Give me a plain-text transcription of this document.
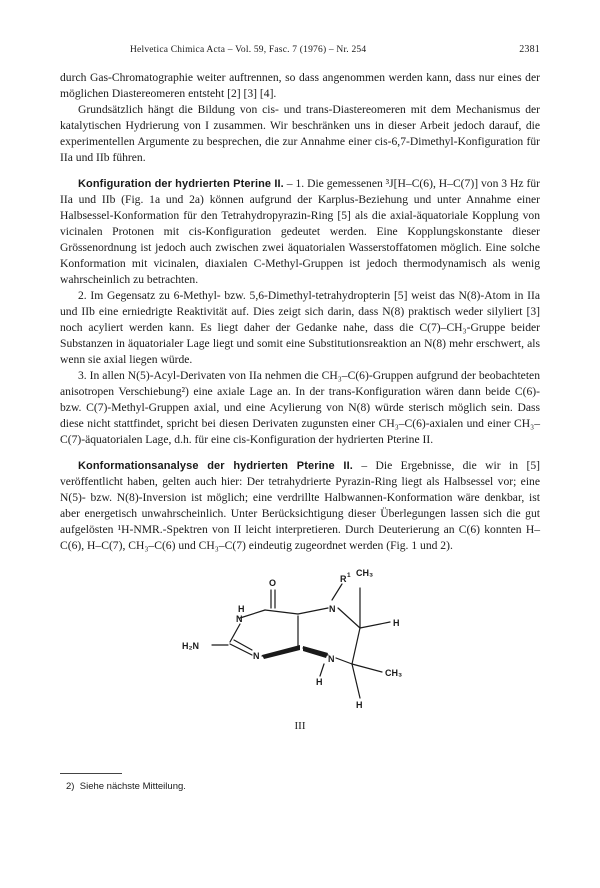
Helvetica Chimica Acta – Vol. 59, Fasc. 7 (1976) – Nr. 254	2381

durch Gas-Chromatographie weiter auftrennen, so dass angenommen werden kann, dass nur eines der möglichen Diastereomeren entsteht [2] [3] [4].

Grundsätzlich hängt die Bildung von cis- und trans-Diastereomeren mit dem Mechanismus der katalytischen Hydrierung von I zusammen. Wir beschränken uns in dieser Arbeit jedoch darauf, die experimentellen Argumente zu besprechen, die zur Annahme einer cis-6,7-Dimethyl-Konfiguration für IIa und IIb führen.

Konfiguration der hydrierten Pterine II. – 1. Die gemessenen ³J[H–C(6), H–C(7)] von 3 Hz für IIa und IIb (Fig. 1a und 2a) können aufgrund der Karplus-Beziehung und unter Annahme einer Halbsessel-Konformation für den Tetrahydropyrazin-Ring [5] als die axial-äquatoriale Kopplung von vicinalen Protonen mit cis-Konfiguration gedeutet werden. Eine Kopplungskonstante dieser Grössenordnung ist jedoch auch zwischen zwei äquatorialen Wasserstoffatomen möglich. Eine solche Konformation mit vicinalen, diaxialen C-Methyl-Gruppen ist jedoch thermodynamisch als wenig wahrscheinlich zu betrachten.

2. Im Gegensatz zu 6-Methyl- bzw. 5,6-Dimethyl-tetrahydropterin [5] weist das N(8)-Atom in IIa und IIb eine erniedrigte Reaktivität auf. Dies zeigt sich darin, dass N(8) praktisch weder silyliert [3] noch acyliert werden kann. Es liegt daher der Gedanke nahe, dass die C(7)–CH₃-Gruppe beider Substanzen in äquatorialer Lage liegt und somit eine Substitutionsreaktion an N(8) mehr erschwert, als wenn sie axial liegen würde.

3. In allen N(5)-Acyl-Derivaten von IIa nehmen die CH₃–C(6)-Gruppen aufgrund der beobachteten anisotropen Verschiebung²) eine axiale Lage an. In der trans-Konfiguration wären dann beide C(6)- bzw. C(7)-Methyl-Gruppen axial, und eine Acylierung von N(8) würde sterisch möglich sein. Dass diese nicht stattfindet, spricht bei diesen Derivaten zugunsten einer CH₃–C(6)-axialen und einer CH₃–C(7)-äquatorialen Lage, d.h. für eine cis-Konfiguration der hydrierten Pterine II.

Konformationsanalyse der hydrierten Pterine II. – Die Ergebnisse, die wir in [5] veröffentlicht haben, gelten auch hier: Der tetrahydrierte Pyrazin-Ring liegt als Halbsessel vor; eine N(5)- bzw. N(8)-Inversion ist möglich; eine verdrillte Halbwannen-Konformation wäre denkbar, ist aber energetisch unwahrscheinlich. Unter Berücksichtigung dieser Überlegungen lassen sich die gut aufgelösten ¹H-NMR.-Spektren von II leicht interpretieren. Durch Deuterierung an C(6) konnten H–C(6), H–C(7), CH₃–C(6) und CH₃–C(7) eindeutig zugeordnet werden (Fig. 1 und 2).

CH₃
R 1
O
H
N
N
H
H₂N
N	N
H
CH₃
H
III
2)  Siehe nächste Mitteilung.
